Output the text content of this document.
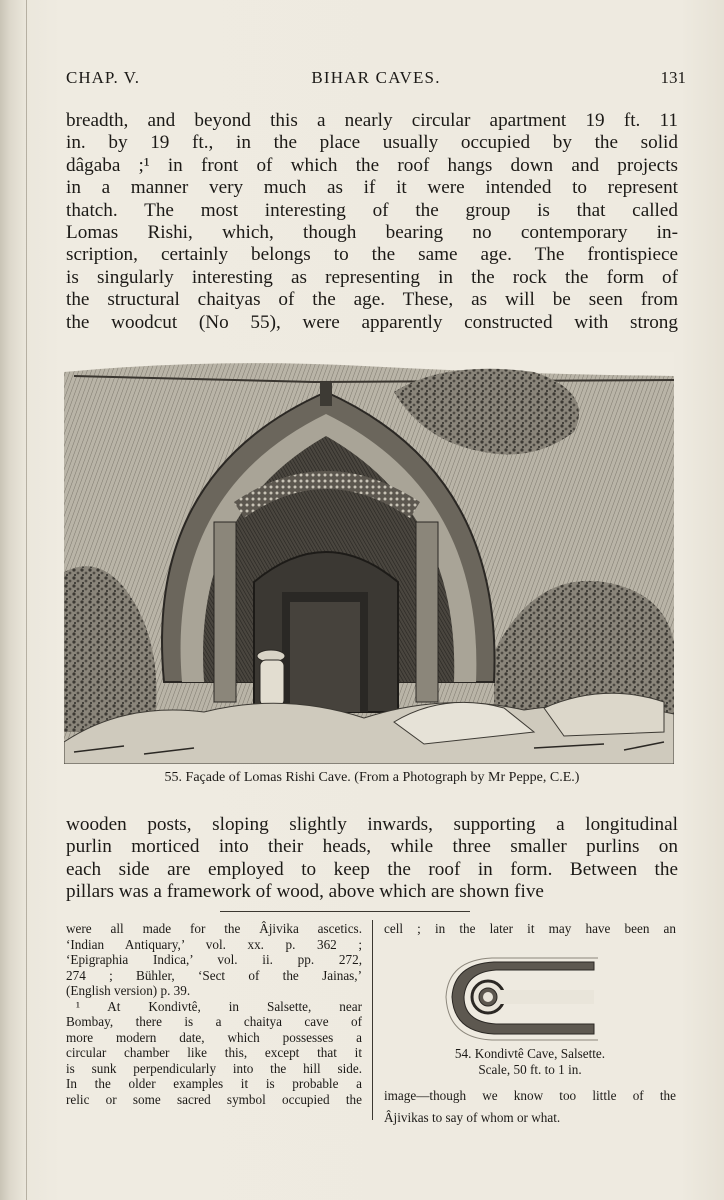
CHAP. V.	BIHAR CAVES.	131
breadth, and beyond this a nearly circular apartment 19 ft. 11
in. by 19 ft., in the place usually occupied by the solid
dâgaba ;¹ in front of which the roof hangs down and projects
in a manner very much as if it were intended to represent
thatch. The most interesting of the group is that called
Lomas Rishi, which, though bearing no contemporary in-
scription, certainly belongs to the same age. The frontispiece
is singularly interesting as representing in the rock the form of
the structural chaityas of the age. These, as will be seen from
the woodcut (No 55), were apparently constructed with strong
55. Façade of Lomas Rishi Cave. (From a Photograph by Mr Peppe, C.E.)
wooden posts, sloping slightly inwards, supporting a longitudinal
purlin morticed into their heads, while three smaller purlins on
each side are employed to keep the roof in form. Between the
pillars was a framework of wood, above which are shown five
were all made for the Âjivika ascetics.
‘Indian Antiquary,’ vol. xx. p. 362 ;
‘Epigraphia Indica,’ vol. ii. pp. 272,
274 ; Bühler, ‘Sect of the Jainas,’
(English version) p. 39.
¹ At Kondivtê, in Salsette, near
Bombay, there is a chaitya cave of
more modern date, which possesses a
circular chamber like this, except that it
is sunk perpendicularly into the hill side.
In the older examples it is probable a
relic or some sacred symbol occupied the
cell ; in the later it may have been an
54. Kondivtê Cave, Salsette.
Scale, 50 ft. to 1 in.
image—though we know too little of the
Âjivikas to say of whom or what.
